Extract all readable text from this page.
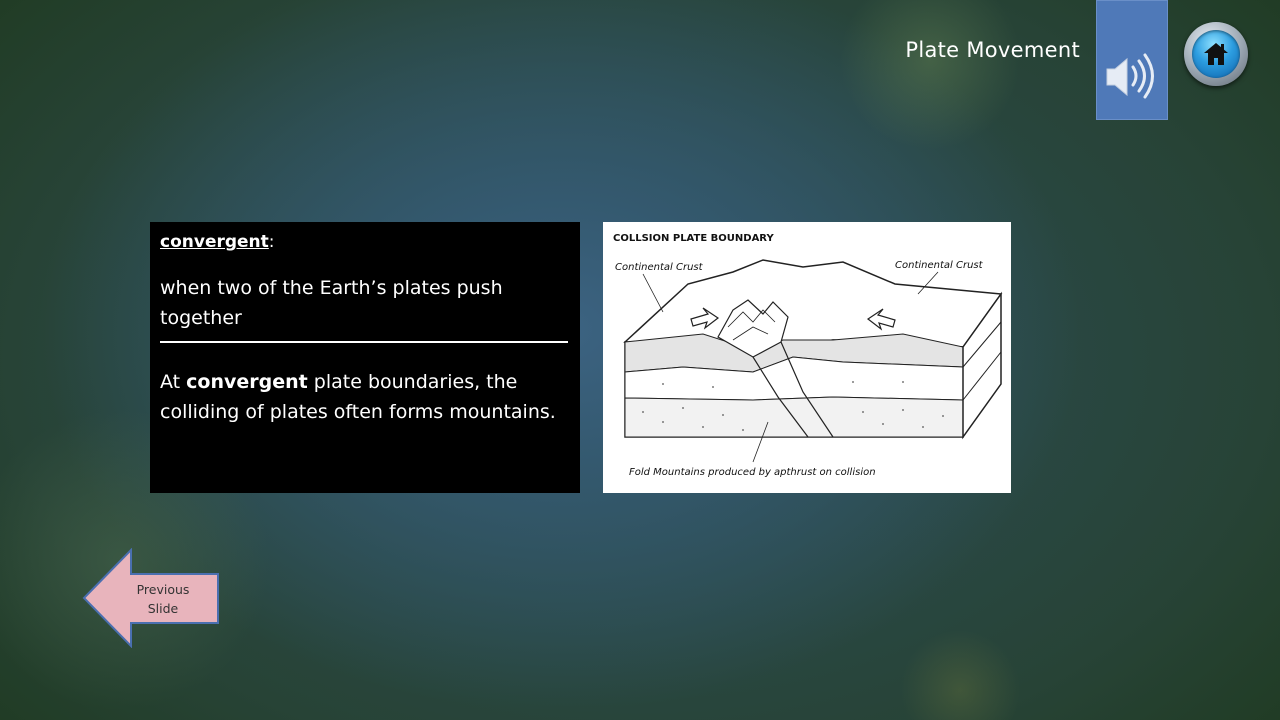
Plate Movement

convergent:

when two of the Earth’s plates push together

At convergent plate boundaries, the colliding of plates often forms mountains.

COLLSION PLATE BOUNDARY
Continental Crust	Continental Crust
Fold Mountains produced by apthrust on collision
Previous
Slide
